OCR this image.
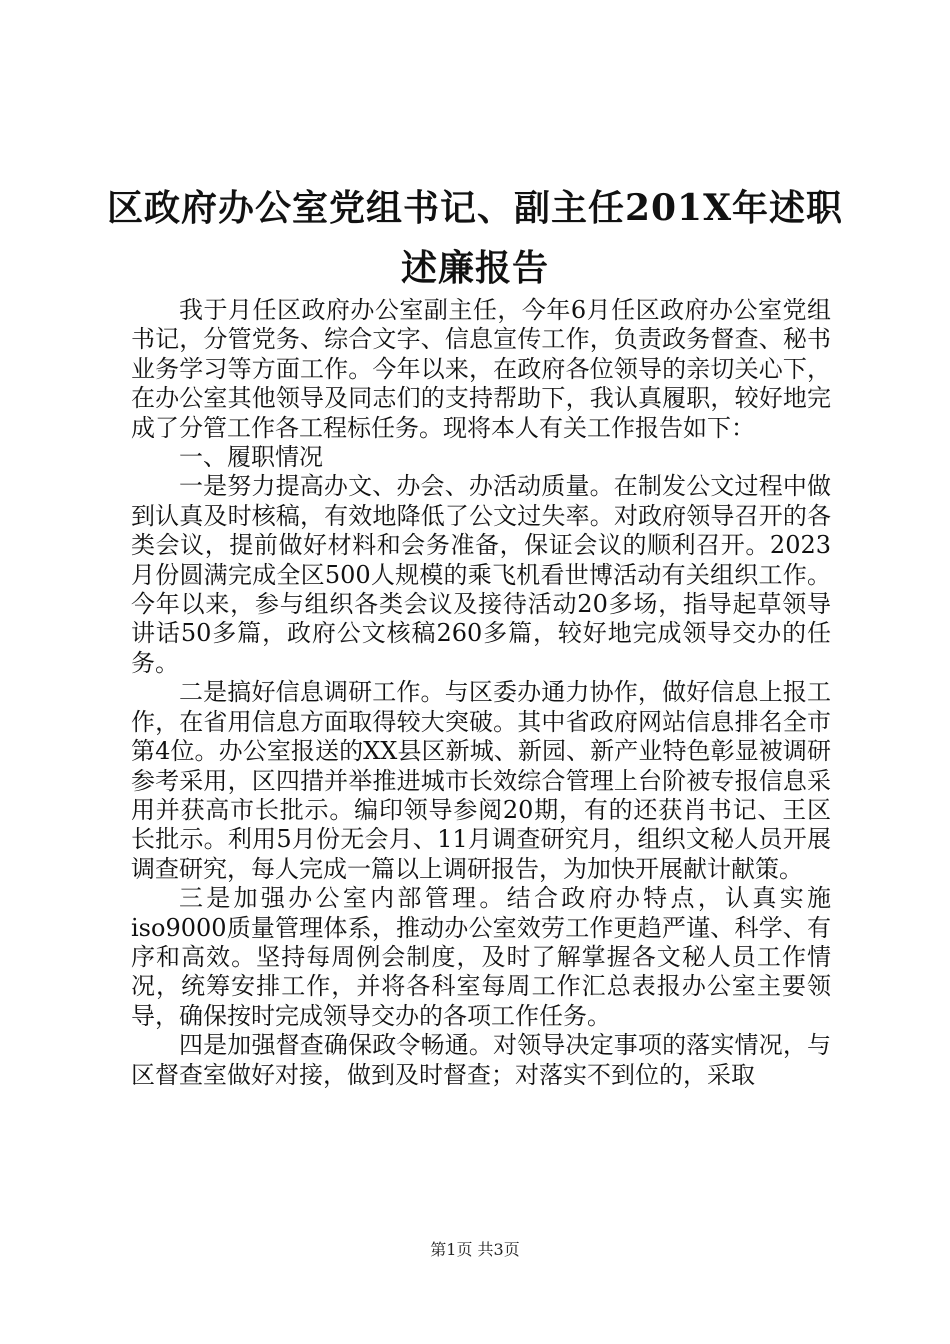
区政府办公室党组书记、副主任201X年述职
述廉报告

我于月任区政府办公室副主任，今年6月任区政府办公室党组书记，分管党务、综合文字、信息宣传工作，负责政务督查、秘书业务学习等方面工作。今年以来，在政府各位领导的亲切关心下，在办公室其他领导及同志们的支持帮助下，我认真履职，较好地完成了分管工作各工程标任务。现将本人有关工作报告如下：

一、履职情况

一是努力提高办文、办会、办活动质量。在制发公文过程中做到认真及时核稿，有效地降低了公文过失率。对政府领导召开的各类会议，提前做好材料和会务准备，保证会议的顺利召开。2023月份圆满完成全区500人规模的乘飞机看世博活动有关组织工作。今年以来，参与组织各类会议及接待活动20多场，指导起草领导讲话50多篇，政府公文核稿260多篇，较好地完成领导交办的任务。

二是搞好信息调研工作。与区委办通力协作，做好信息上报工作，在省用信息方面取得较大突破。其中省政府网站信息排名全市第4位。办公室报送的XX县区新城、新园、新产业特色彰显被调研参考采用，区四措并举推进城市长效综合管理上台阶被专报信息采用并获高市长批示。编印领导参阅20期，有的还获肖书记、王区长批示。利用5月份无会月、11月调查研究月，组织文秘人员开展调查研究，每人完成一篇以上调研报告，为加快开展献计献策。

三是加强办公室内部管理。结合政府办特点，认真实施iso9000质量管理体系，推动办公室效劳工作更趋严谨、科学、有序和高效。坚持每周例会制度，及时了解掌握各文秘人员工作情况，统筹安排工作，并将各科室每周工作汇总表报办公室主要领导，确保按时完成领导交办的各项工作任务。

四是加强督查确保政令畅通。对领导决定事项的落实情况，与区督查室做好对接，做到及时督查；对落实不到位的，采取

第1页 共3页
